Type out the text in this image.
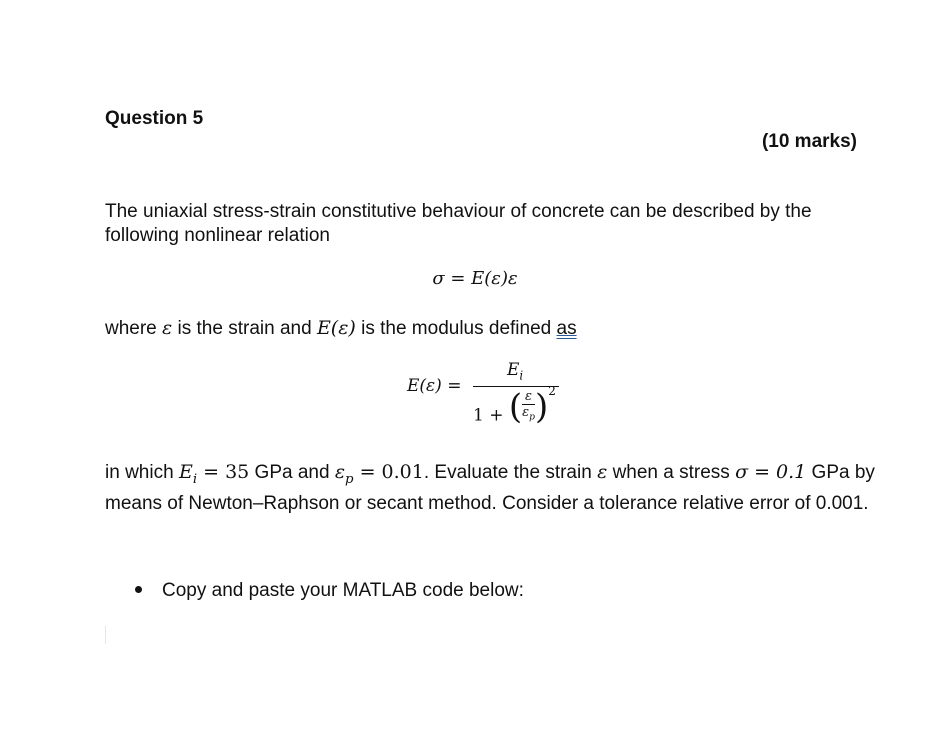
Question 5
(10 marks)
The uniaxial stress-strain constitutive behaviour of concrete can be described by the following nonlinear relation
σ = E(ε)ε
where ε is the strain and E(ε) is the modulus defined as
E(ε) =
$E_i$
$1 + (\frac{\varepsilon}{\varepsilon_p} )^2$
in which $E_i = 35$ GPa and $\varepsilon_p = 0.01$. Evaluate the strain ε when a stress σ = 0.1 GPa by means of Newton–Raphson or secant method. Consider a tolerance relative error of 0.001.
Copy and paste your MATLAB code below:
